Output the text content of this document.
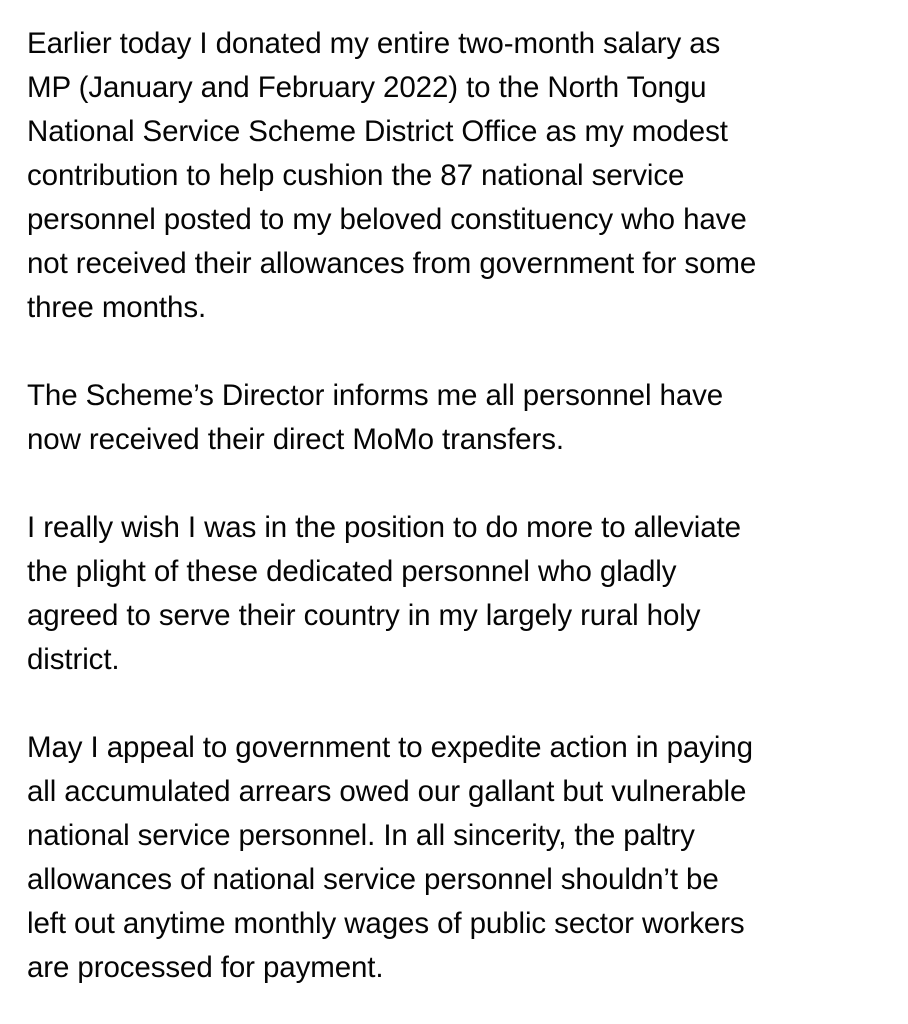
Earlier today I donated my entire two-month salary as
MP (January and February 2022) to the North Tongu
National Service Scheme District Office as my modest
contribution to help cushion the 87 national service
personnel posted to my beloved constituency who have
not received their allowances from government for some
three months.

The Scheme’s Director informs me all personnel have
now received their direct MoMo transfers.

I really wish I was in the position to do more to alleviate
the plight of these dedicated personnel who gladly
agreed to serve their country in my largely rural holy
district.

May I appeal to government to expedite action in paying
all accumulated arrears owed our gallant but vulnerable
national service personnel. In all sincerity, the paltry
allowances of national service personnel shouldn’t be
left out anytime monthly wages of public sector workers
are processed for payment.
